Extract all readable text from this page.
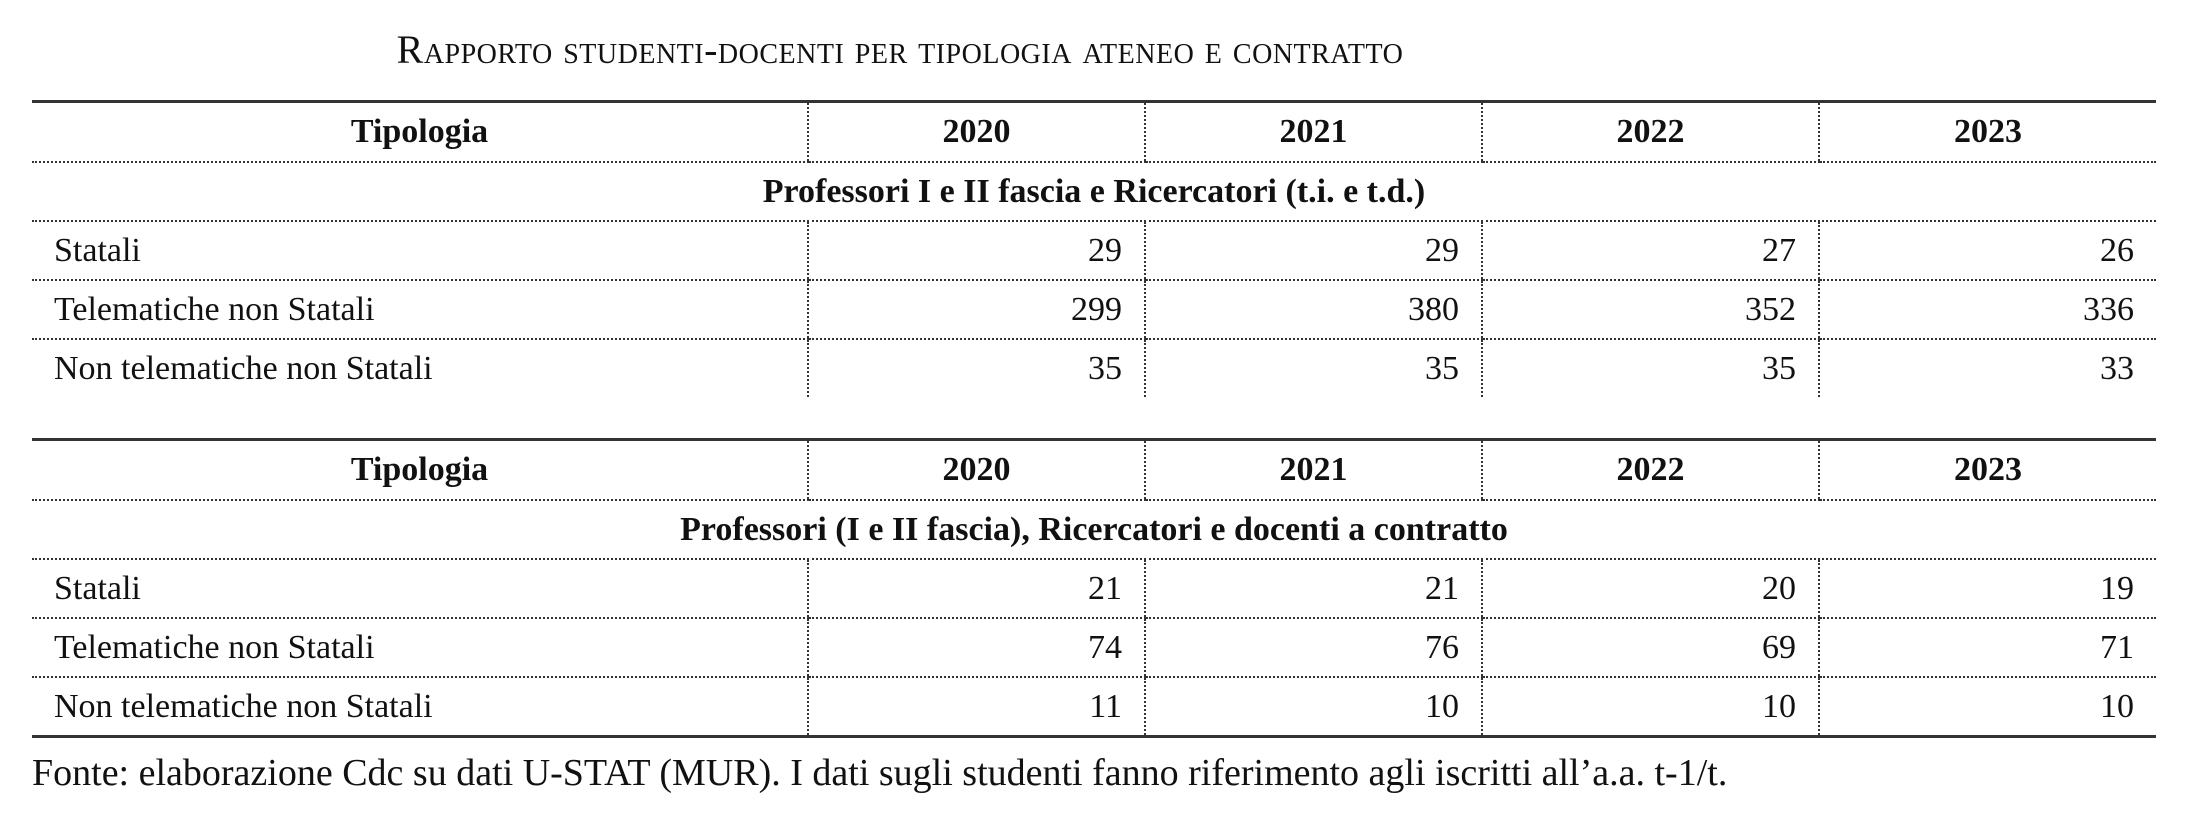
Rapporto studenti-docenti per tipologia ateneo e contratto
Tipologia	2020	2021	2022	2023
Professori I e II fascia e Ricercatori (t.i. e t.d.)				
Statali	29	29	27	26
Telematiche non Statali	299	380	352	336
Non telematiche non Statali	35	35	35	33
Tipologia	2020	2021	2022	2023
Professori (I e II fascia), Ricercatori e docenti a contratto				
Statali	21	21	20	19
Telematiche non Statali	74	76	69	71
Non telematiche non Statali	11	10	10	10
Fonte: elaborazione Cdc su dati U-STAT (MUR). I dati sugli studenti fanno riferimento agli iscritti all’a.a. t-1/t.
